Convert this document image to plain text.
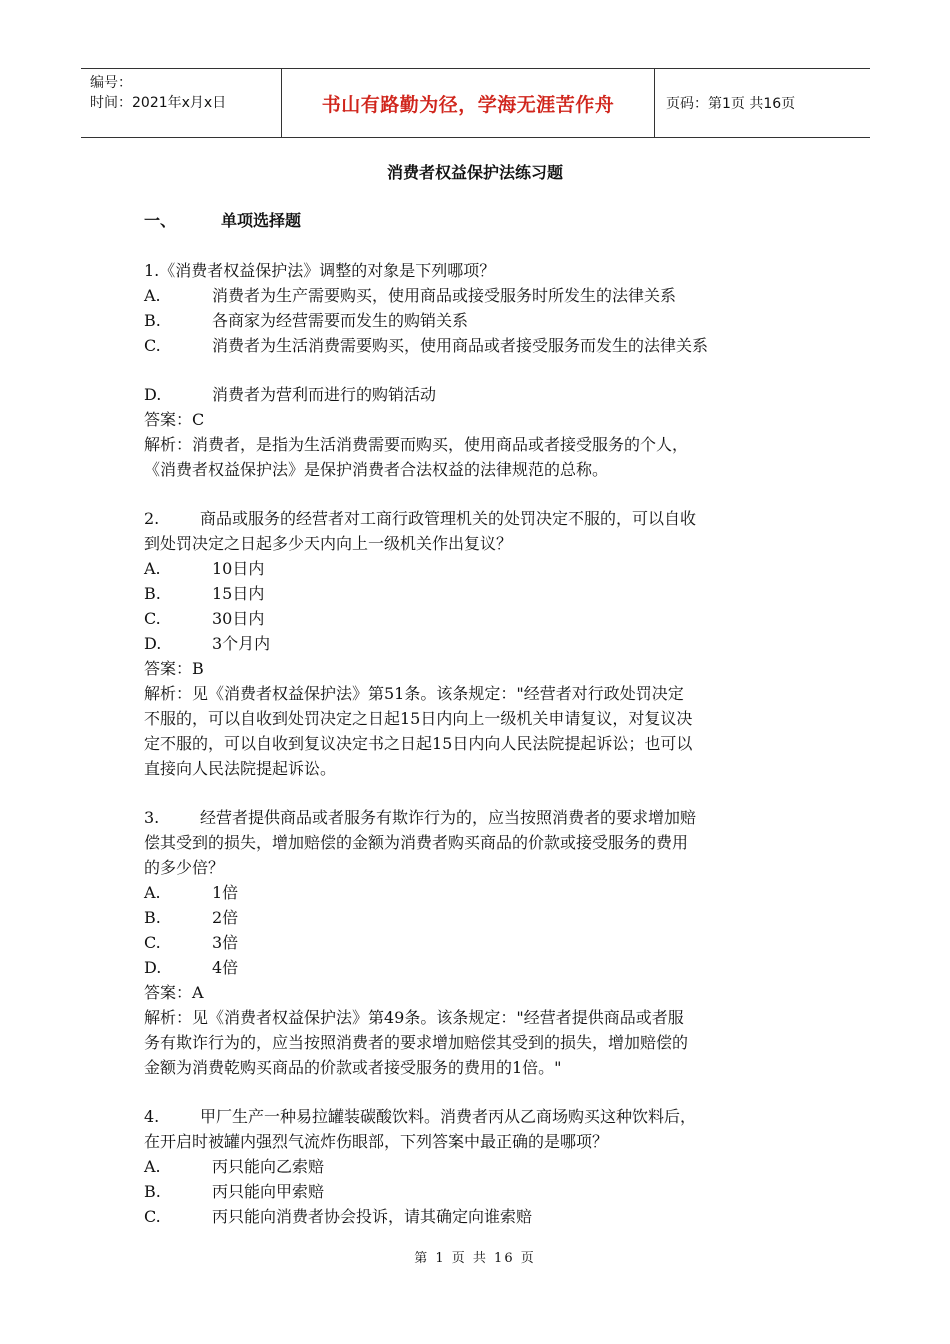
编号：
时间：2021年x月x日	书山有路勤为径，学海无涯苦作舟	页码：第1页 共16页
消费者权益保护法练习题
一、	单项选择题
1.《消费者权益保护法》调整的对象是下列哪项？
A.	消费者为生产需要购买，使用商品或接受服务时所发生的法律关系
B.	各商家为经营需要而发生的购销关系
C.	消费者为生活消费需要购买，使用商品或者接受服务而发生的法律关系
D.	消费者为营利而进行的购销活动
答案：C
解析：消费者，是指为生活消费需要而购买，使用商品或者接受服务的个人，
《消费者权益保护法》是保护消费者合法权益的法律规范的总称。
2.        商品或服务的经营者对工商行政管理机关的处罚决定不服的，可以自收
到处罚决定之日起多少天内向上一级机关作出复议？
A.	10日内
B.	15日内
C.	30日内
D.	3个月内
答案：B
解析：见《消费者权益保护法》第51条。该条规定："经营者对行政处罚决定
不服的，可以自收到处罚决定之日起15日内向上一级机关申请复议，对复议决
定不服的，可以自收到复议决定书之日起15日内向人民法院提起诉讼；也可以
直接向人民法院提起诉讼。
3.        经营者提供商品或者服务有欺诈行为的，应当按照消费者的要求增加赔
偿其受到的损失，增加赔偿的金额为消费者购买商品的价款或接受服务的费用
的多少倍？
A.	1倍
B.	2倍
C.	3倍
D.	4倍
答案：A
解析：见《消费者权益保护法》第49条。该条规定："经营者提供商品或者服
务有欺诈行为的，应当按照消费者的要求增加赔偿其受到的损失，增加赔偿的
金额为消费乾购买商品的价款或者接受服务的费用的1倍。"
4.        甲厂生产一种易拉罐装碳酸饮料。消费者丙从乙商场购买这种饮料后，
在开启时被罐内强烈气流炸伤眼部，下列答案中最正确的是哪项？
A.	丙只能向乙索赔
B.	丙只能向甲索赔
C.	丙只能向消费者协会投诉，请其确定向谁索赔
第 1 页 共 16 页
